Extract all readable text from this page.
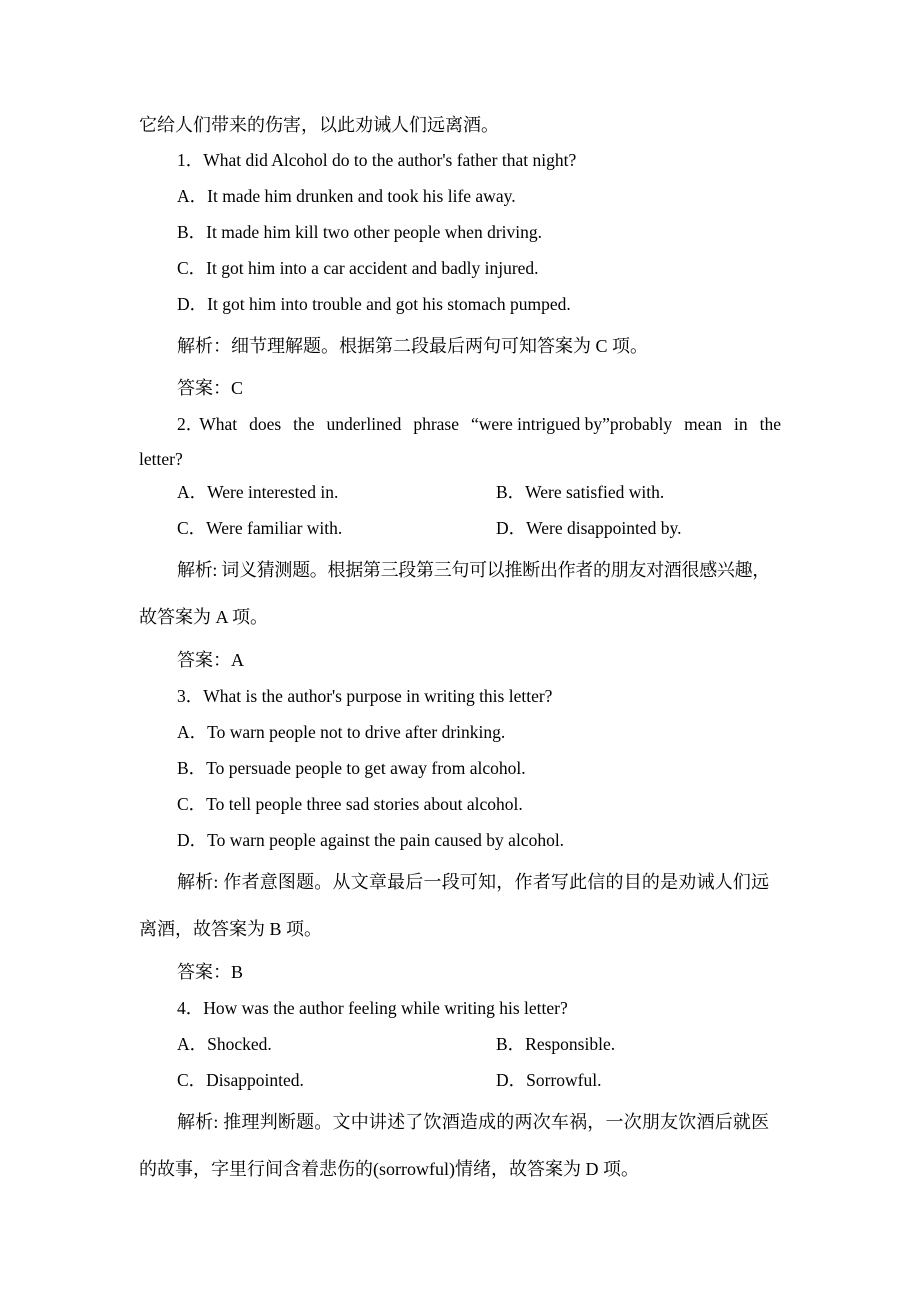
它给人们带来的伤害，以此劝诫人们远离酒。
1．What did Alcohol do to the author's father that night?
A．It made him drunken and took his life away.
B．It made him kill two other people when driving.
C．It got him into a car accident and badly injured.
D．It got him into trouble and got his stomach pumped.
解析：细节理解题。根据第二段最后两句可知答案为 C 项。
答案：C
2．
What does the underlined phrase “were intrigued by”probably mean in the
letter?
A．Were interested in.	B．Were satisfied with.
C．Were familiar with.	D．Were disappointed by.
解析: 词义猜测题。根据第三段第三句可以推断出作者的朋友对酒很感兴趣，
故答案为 A 项。
答案：A
3．What is the author's purpose in writing this letter?
A．To warn people not to drive after drinking.
B．To persuade people to get away from alcohol.
C．To tell people three sad stories about alcohol.
D．To warn people against the pain caused by alcohol.
解析: 作者意图题。从文章最后一段可知，作者写此信的目的是劝诫人们远
离酒，故答案为 B 项。
答案：B
4．How was the author feeling while writing his letter?
A．Shocked.	B．Responsible.
C．Disappointed.	D．Sorrowful.
解析: 推理判断题。文中讲述了饮酒造成的两次车祸，一次朋友饮酒后就医
的故事，字里行间含着悲伤的(sorrowful)情绪，故答案为 D 项。
